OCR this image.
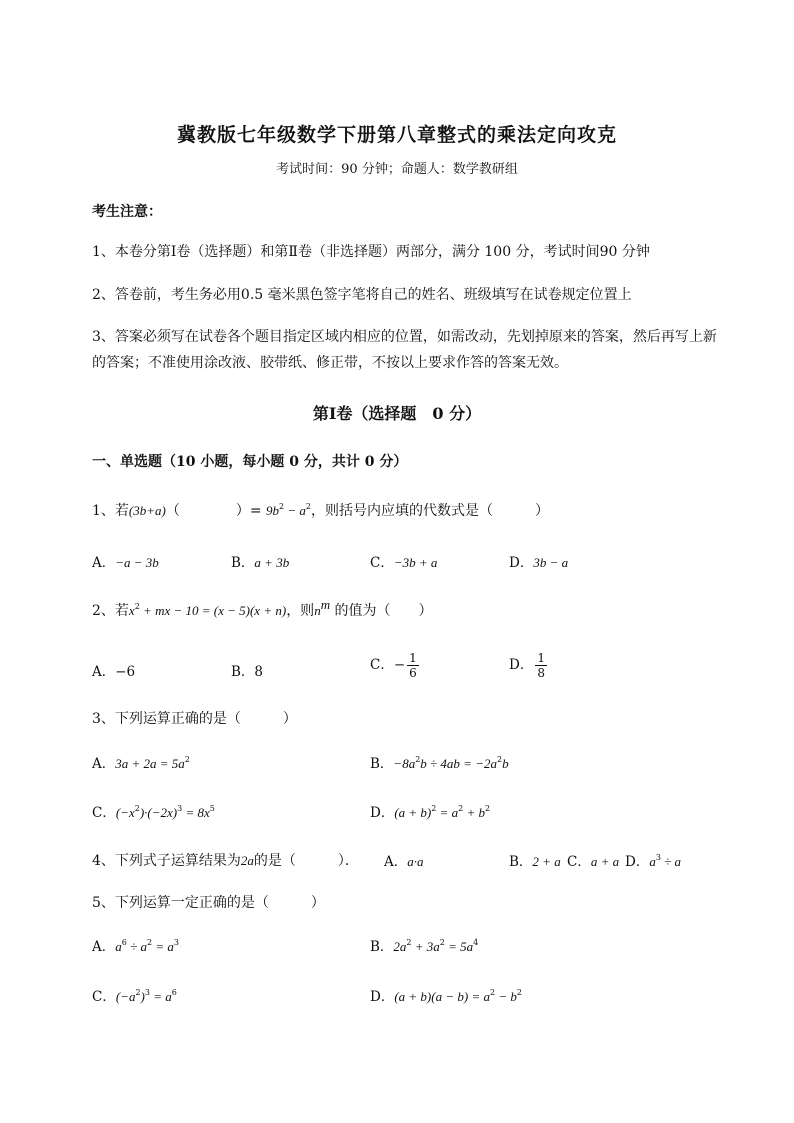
冀教版七年级数学下册第八章整式的乘法定向攻克
考试时间：90 分钟；命题人：数学教研组
考生注意：
1、本卷分第Ⅰ卷（选择题）和第Ⅱ卷（非选择题）两部分，满分 100 分，考试时间90 分钟
2、答卷前，考生务必用0.5 毫米黑色签字笔将自己的姓名、班级填写在试卷规定位置上
3、答案必须写在试卷各个题目指定区域内相应的位置，如需改动，先划掉原来的答案，然后再写上新
的答案；不准使用涂改液、胶带纸、修正带，不按以上要求作答的答案无效。
第Ⅰ卷（选择题　0 分）
一、单选题（10 小题，每小题 0 分，共计 0 分）
1、若(3b+a)（　　　　）= $9b^2 - a^2$，则括号内应填的代数式是（　　　）
A．−a − 3b	B．a + 3b	C．−3b + a	D．3b − a
2、若$x^2$ + mx − 10 = (x − 5)(x + n)，则$n^m$ 的值为（　　）
A．−6	B．8	C．− $\frac{1}{6}$	D． $\frac{1}{8}$
3、下列运算正确的是（　　　）
A．$3a + 2a = 5a^2$	B．$-8a^2b \div 4ab = -2a^2b$
C．$(-x^2)\cdot(-2x)^3 = 8x^5$	D．$(a + b)^2 = a^2 + b^2$
4、下列式子运算结果为2a的是（　　　）． A．a·a	B．2 + a C．a + a D．$a^3 \div a$
5、下列运算一定正确的是（　　　）
A．$a^6 \div a^2 = a^3$	B．$2a^2 + 3a^2 = 5a^4$
C．$(-a^2)^3 = a^6$	D．$(a + b)(a - b) = a^2 - b^2$
